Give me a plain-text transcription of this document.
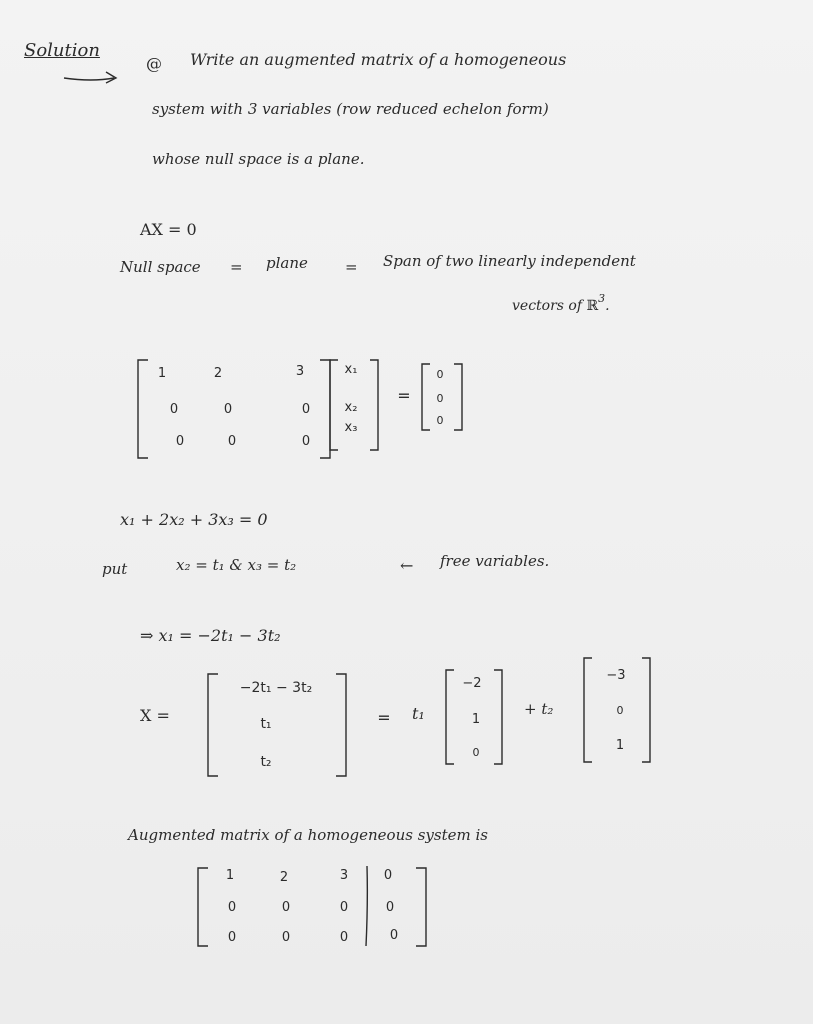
Solution
@ Write an augmented matrix of a homogeneous
system with 3 variables (row reduced echelon form)
whose null space is a plane.
AX = 0
Null space = plane = Span of two linearly independent
vectors of ℝ$^3$.
1	2	3
0	0	0
0	0	0
x₁
x₂
x₃
=
0
0
0
x₁ + 2x₂ + 3x₃ = 0
put	x₂ = t₁ & x₃ = t₂	← free variables.
⇒ x₁ = −2t₁ − 3t₂
X =
−2t₁ − 3t₂
t₁
t₂
= t₁
−2
1
0
+ t₂
−3
0
1
Augmented matrix of a homogeneous system is
1	2	3	0
0	0	0	0
0	0	0	0
